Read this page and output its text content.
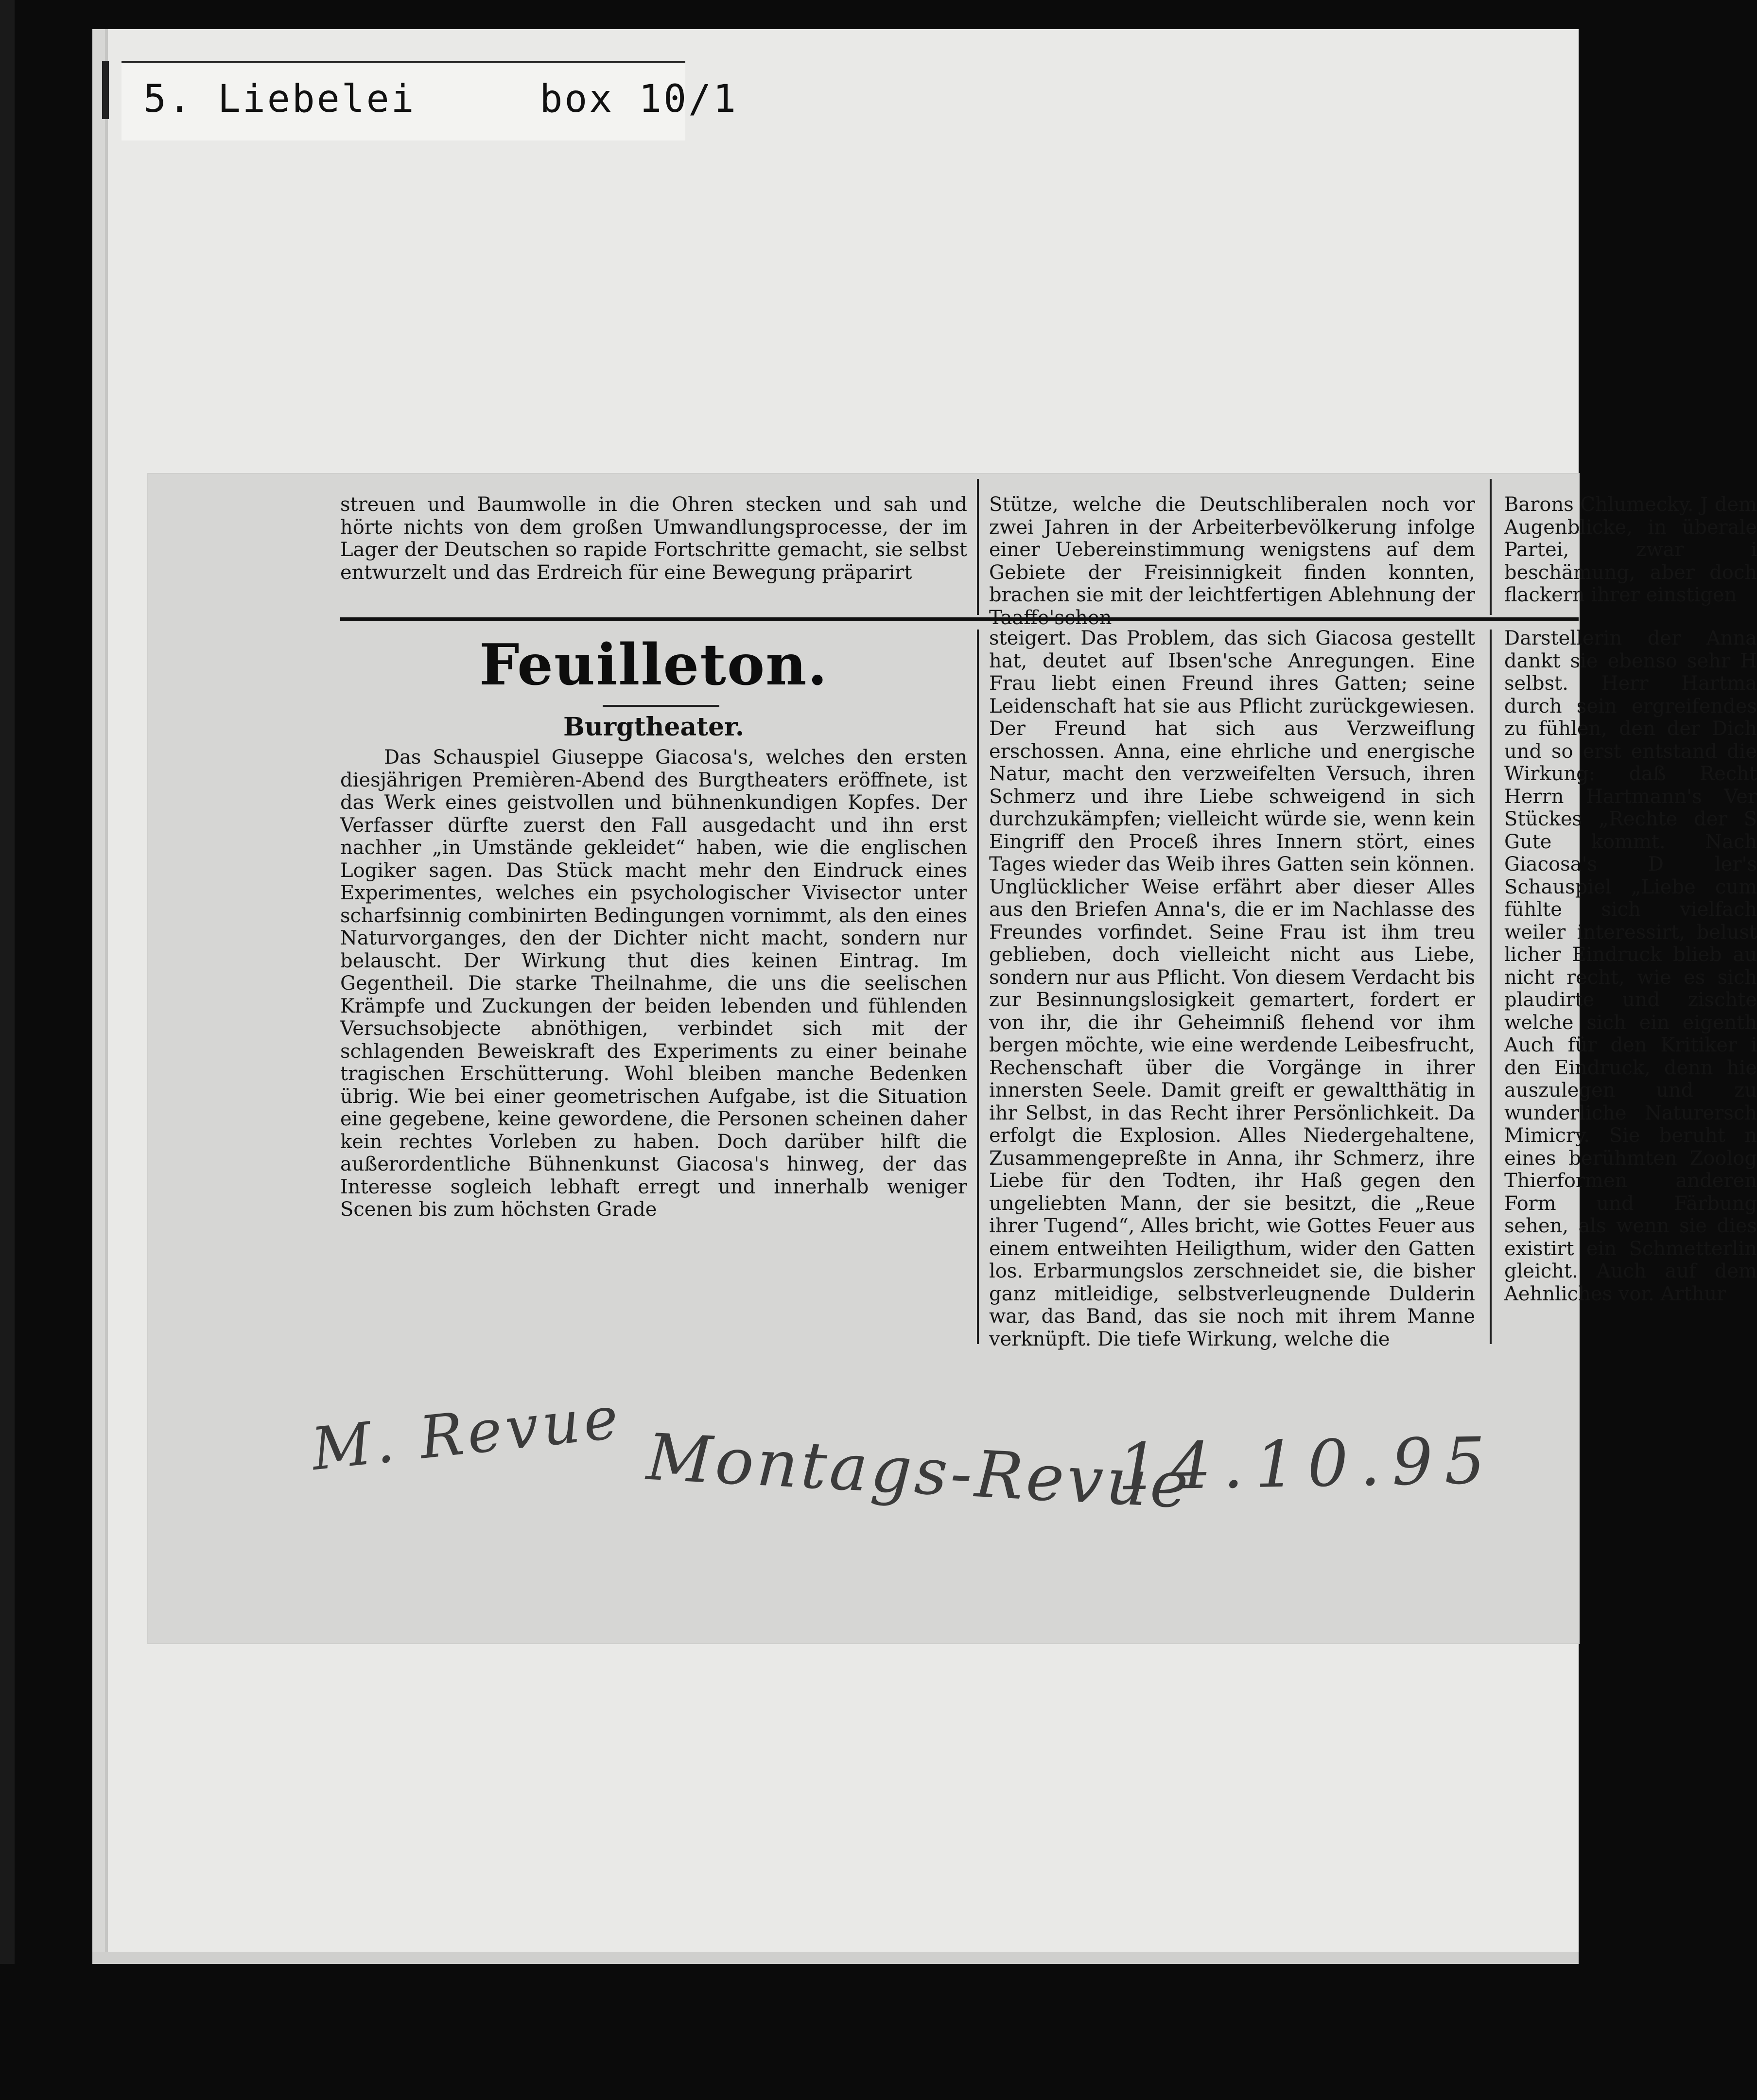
5. Liebelei     box 10/1

streuen und Baumwolle in die Ohren stecken und sah und hörte nichts von dem großen Umwandlungsprocesse, der im Lager der Deutschen so rapide Fortschritte gemacht, sie selbst entwurzelt und das Erdreich für eine Bewegung präparirt

Stütze, welche die Deutschliberalen noch vor zwei Jahren in der Arbeiterbevölkerung infolge einer Uebereinstimmung wenigstens auf dem Gebiete der Freisinnigkeit finden konnten, brachen sie mit der leichtfertigen Ablehnung der

Barons Chlumecky. J dem Augenblicke, in überale Partei, zwar i beschämung, aber doch flackern ihrer einstigen

Feuilleton.
Burgtheater.

Das Schauspiel Giuseppe Giacosa's, welches den ersten diesjährigen Premièren-Abend des Burgtheaters eröffnete, ist das Werk eines geistvollen und bühnenkundigen Kopfes. Der Verfasser dürfte zuerst den Fall ausgedacht und ihn erst nachher „in Umstände gekleidet“ haben, wie die englischen Logiker sagen. Das Stück macht mehr den Eindruck eines Experimentes, welches ein psychologischer Vivisector unter scharfsinnig combinirten Bedingungen vornimmt, als den eines Naturvorganges, den der Dichter nicht macht, sondern nur belauscht. Der Wirkung thut dies keinen Eintrag. Im Gegentheil. Die starke Theilnahme, die uns die seelischen Krämpfe und Zuckungen der beiden lebenden und fühlenden Versuchsobjecte abnöthigen, verbindet sich mit der schlagenden Beweiskraft des Experiments zu einer beinahe tragischen Erschütterung. Wohl bleiben manche Bedenken übrig. Wie bei einer geometrischen Aufgabe, ist die Situation eine gegebene, keine gewordene, die Personen scheinen daher kein rechtes Vorleben zu haben. Doch darüber hilft die außerordentliche Bühnenkunst Giacosa's hinweg, der das Interesse sogleich lebhaft erregt und innerhalb weniger Scenen bis zum höchsten Grade

steigert. Das Problem, das sich Giacosa gestellt hat, deutet auf Ibsen'sche Anregungen. Eine Frau liebt einen Freund ihres Gatten; seine Leidenschaft hat sie aus Pflicht zurückgewiesen. Der Freund hat sich aus Verzweiflung erschossen. Anna, eine ehrliche und energische Natur, macht den verzweifelten Versuch, ihren Schmerz und ihre Liebe schweigend in sich durchzukämpfen; vielleicht würde sie, wenn kein Eingriff den Proceß ihres Innern stört, eines Tages wieder das Weib ihres Gatten sein können. Unglücklicher Weise erfährt aber dieser Alles aus den Briefen Anna's, die er im Nachlasse des Freundes vorfindet. Seine Frau ist ihm treu geblieben, doch vielleicht nicht aus Liebe, sondern nur aus Pflicht. Von diesem Verdacht bis zur Besinnungslosigkeit gemartert, fordert er von ihr, die ihr Geheimniß flehend vor ihm bergen möchte, wie eine werdende Leibesfrucht, Rechenschaft über die Vorgänge in ihrer innersten Seele. Damit greift er gewaltthätig in ihr Selbst, in das Recht ihrer Persönlichkeit. Da erfolgt die Explosion. Alles Niedergehaltene, Zusammengepreßte in Anna, ihr Schmerz, ihre Liebe für den Todten, ihr Haß gegen den ungeliebten Mann, der sie besitzt, die „Reue ihrer Tugend“, Alles bricht, wie Gottes Feuer aus einem entweihten Heiligthum, wider den Gatten los. Erbarmungslos zerschneidet sie, die bisher ganz mitleidige, selbstverleugnende Dulderin war, das Band, das sie noch mit ihrem Manne verknüpft. Die tiefe Wirkung, welche die

Darstellerin der Anna dankt sie ebenso sehr H selbst. Herr Hartma durch sein ergreifendes zu fühlen, den der Dich und so erst entstand die Wirkung: daß Recht Herrn Hartmann's Ver Stückes „Rechte der S Gute kommt. Nach Giacosa's D ler's Schauspiel „Liebe cum fühlte sich vielfach weiler interessirt, belust licher Eindruck blieb au nicht recht, wie es sich plaudirte und zischte welche sich ein eigenth Auch für den Kritiker i den Eindruck, denn hie auszulegen und zu wunderliche Naturersch Mimicry. Sie beruht n eines berühmten Zoolog Thierformen anderen Form und Färbung sehen, als wenn sie dies existirt ein Schmetterlin gleicht. Auch auf dem Aehnliches vor. Arthur

M. Revue Montags-Revue
14.10.95
